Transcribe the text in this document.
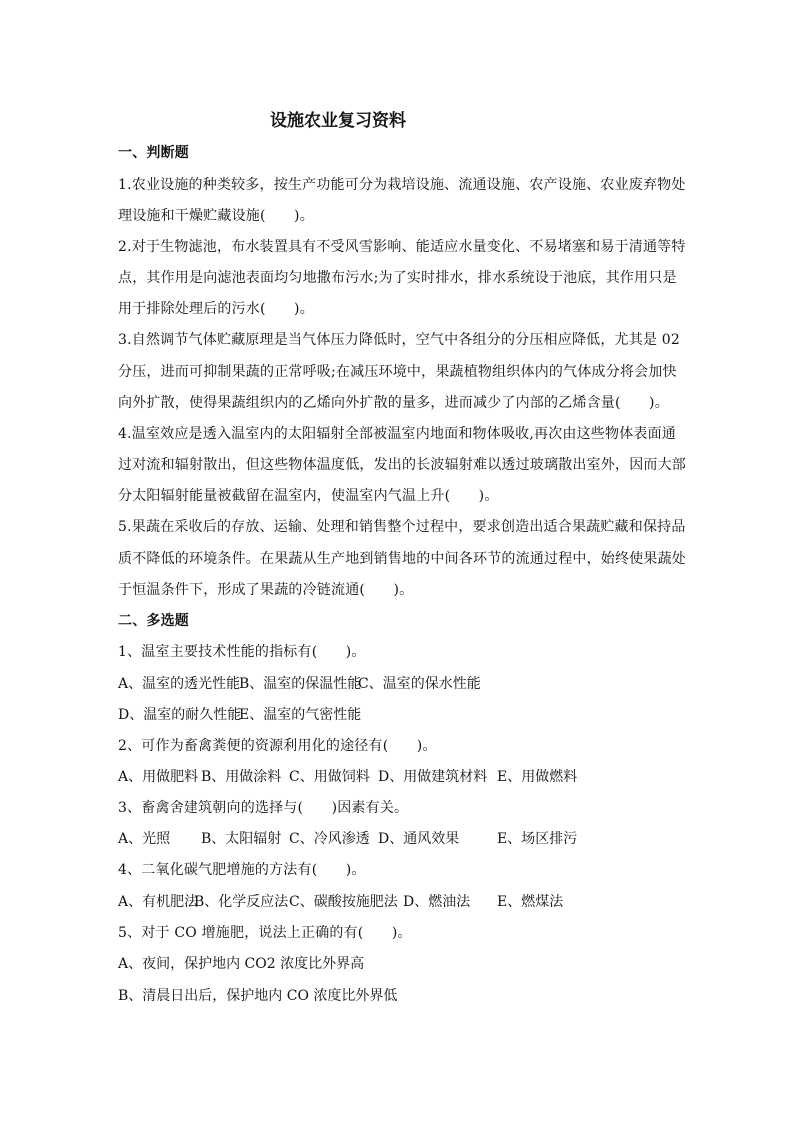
设施农业复习资料
一、判断题
1.农业设施的种类较多，按生产功能可分为栽培设施、流通设施、农产设施、农业废弃物处
理设施和干燥贮藏设施(　　)。
2.对于生物滤池，布水装置具有不受风雪影响、能适应水量变化、不易堵塞和易于清通等特
点，其作用是向滤池表面均匀地撒布污水;为了实时排水，排水系统设于池底，其作用只是
用于排除处理后的污水(　　)。
3.自然调节气体贮藏原理是当气体压力降低时，空气中各组分的分压相应降低，尤其是 02
分压，进而可抑制果蔬的正常呼吸;在减压环境中，果蔬植物组织体内的气体成分将会加快
向外扩散，使得果蔬组织内的乙烯向外扩散的量多，进而减少了内部的乙烯含量(　　)。
4.温室效应是透入温室内的太阳辐射全部被温室内地面和物体吸收,再次由这些物体表面通
过对流和辐射散出，但这些物体温度低，发出的长波辐射难以透过玻璃散出室外，因而大部
分太阳辐射能量被截留在温室内，使温室内气温上升(　　)。
5.果蔬在采收后的存放、运输、处理和销售整个过程中，要求创造出适合果蔬贮藏和保持品
质不降低的环境条件。在果蔬从生产地到销售地的中间各环节的流通过程中，始终使果蔬处
于恒温条件下，形成了果蔬的冷链流通(　　)。
二、多选题
1、温室主要技术性能的指标有(　　)。
A、温室的透光性能
B、温室的保温性能
C、温室的保水性能
D、温室的耐久性能
E、温室的气密性能
2、可作为畜禽粪便的资源利用化的途径有(　　)。
A、用做肥料 B、用做涂料 C、用做饲料 D、用做建筑材料 E、用做燃料
3、畜禽舍建筑朝向的选择与(　　)因素有关。
A、光照 B、太阳辐射 C、冷风渗透 D、通风效果	E、场区排污
4、二氧化碳气肥增施的方法有(　　)。
A、有机肥法
B、化学反应法 C、碳酸按施肥法 D、燃油法 E、燃煤法
5、对于 CO 增施肥，说法上正确的有(　　)。
A、夜间，保护地内 CO2 浓度比外界高
B、清晨日出后，保护地内 CO 浓度比外界低
